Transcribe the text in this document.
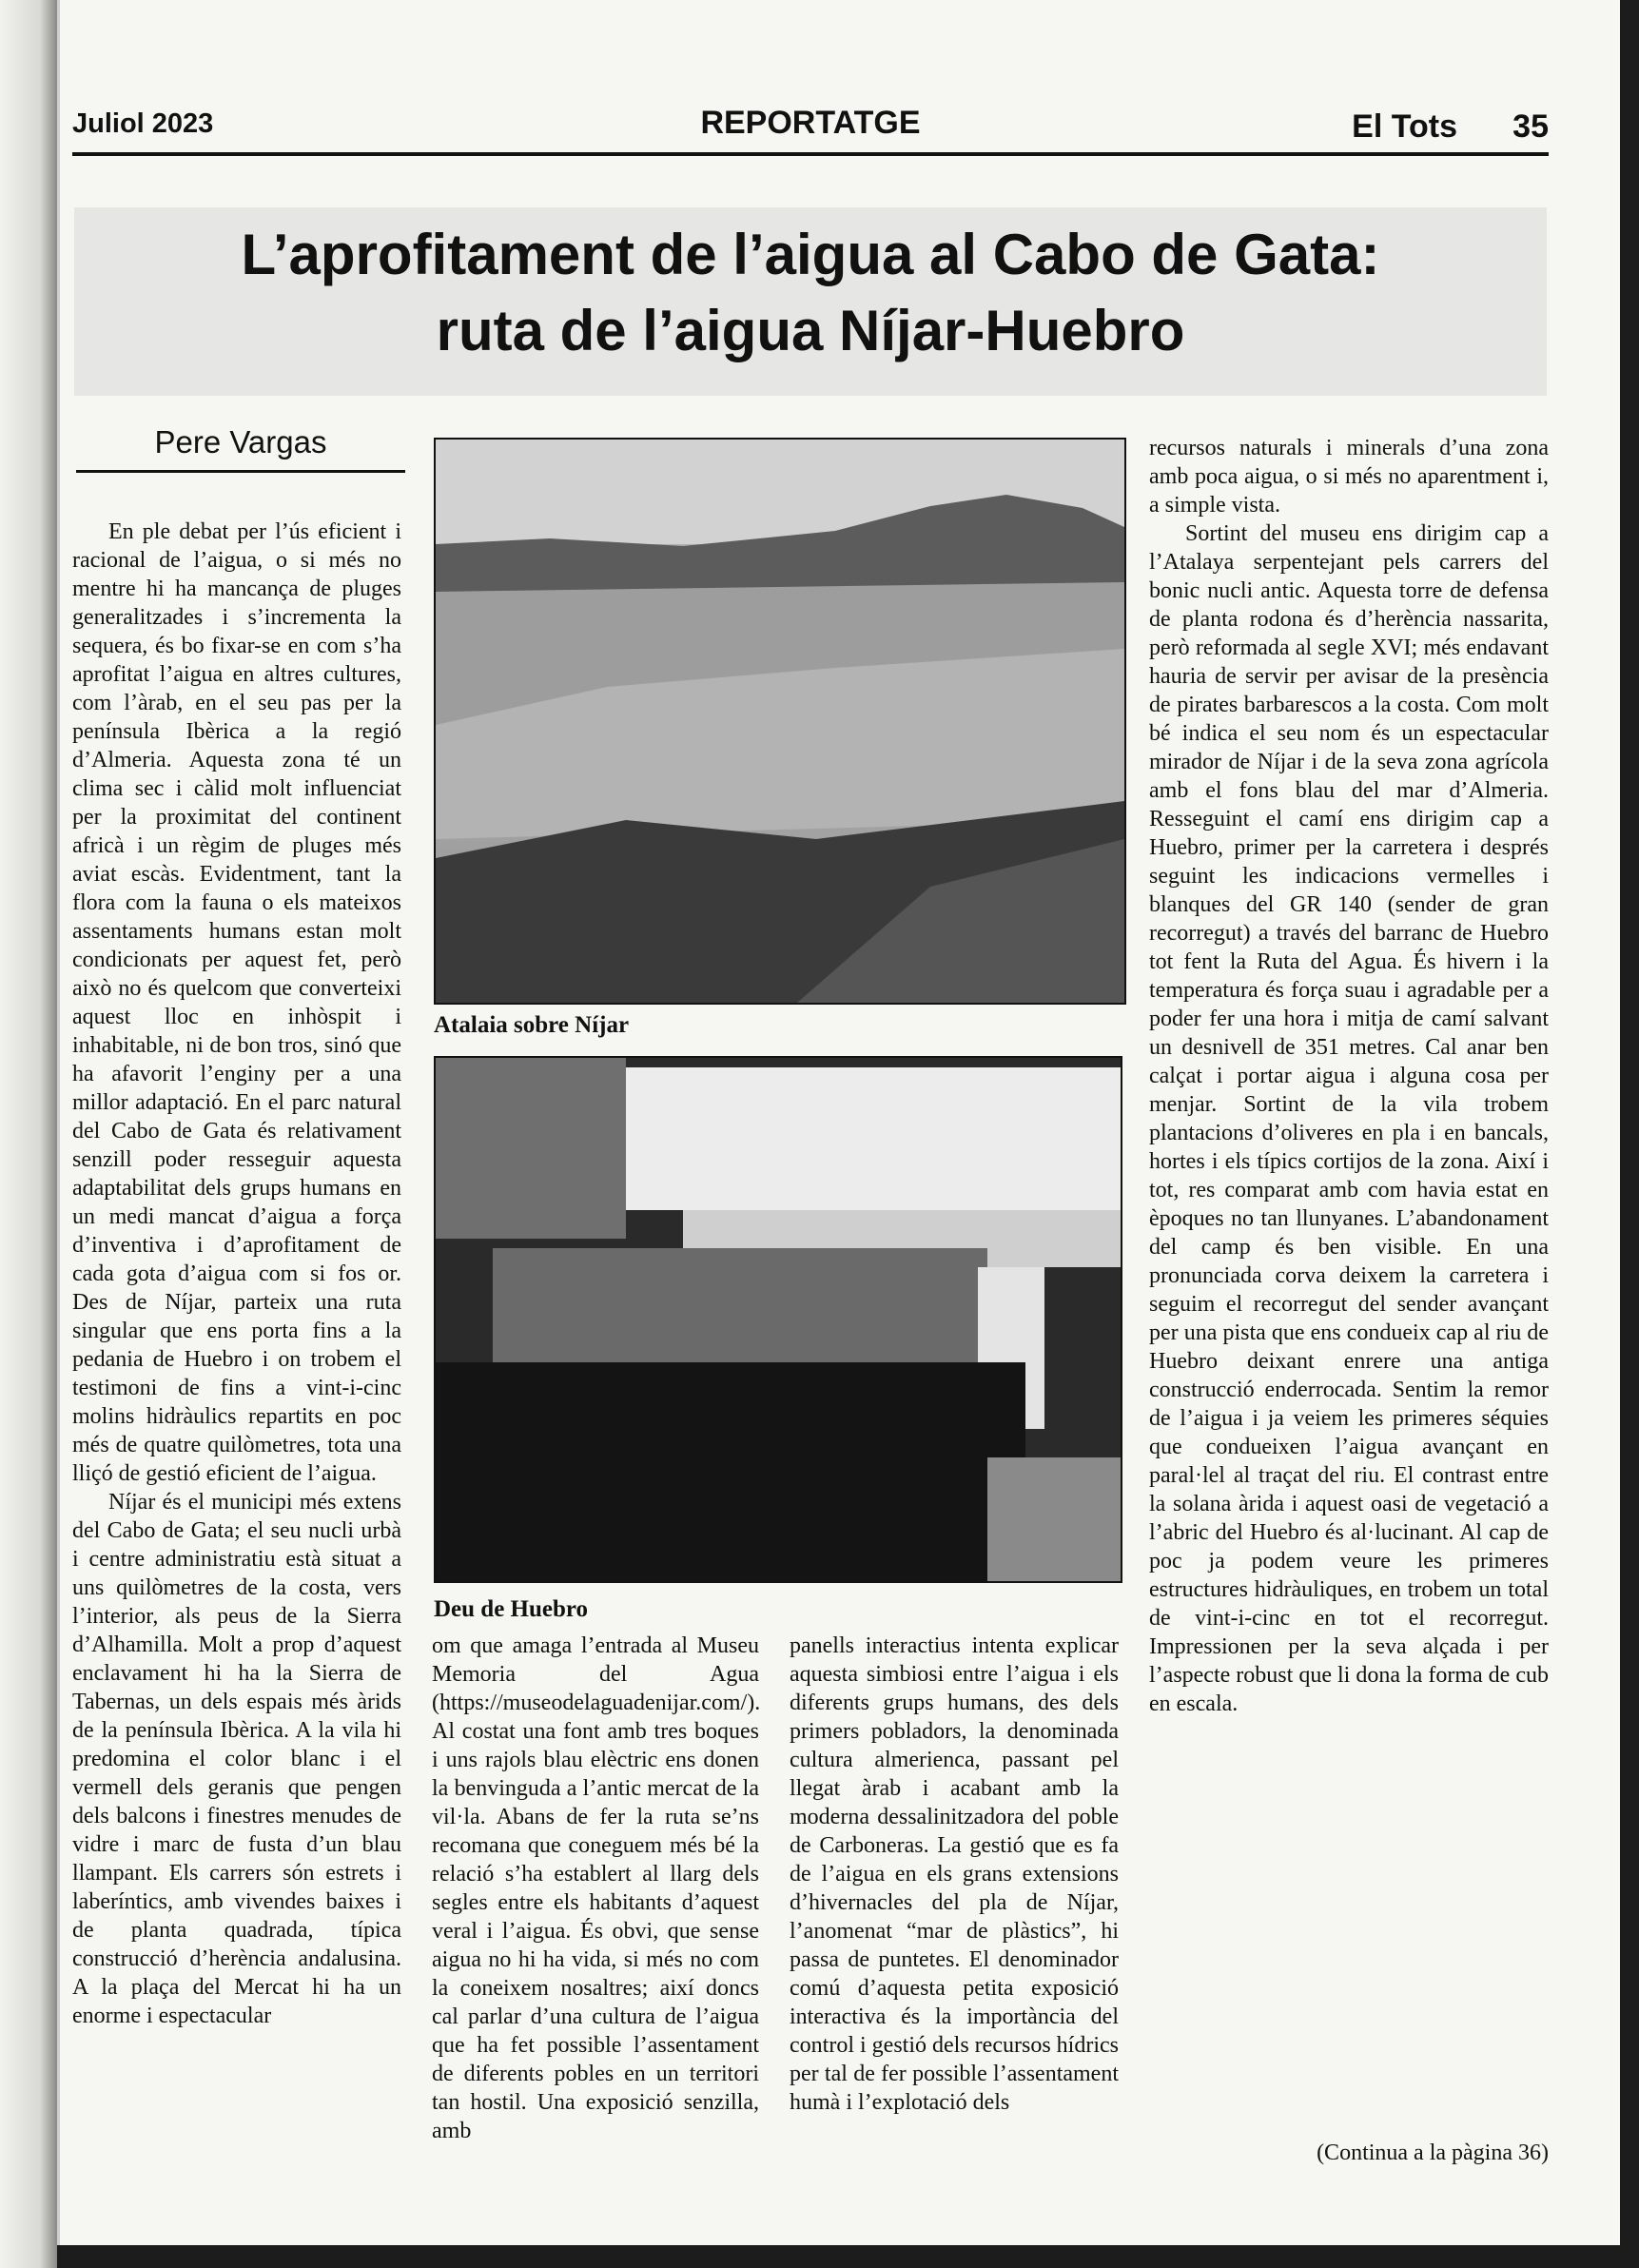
Juliol 2023	REPORTATGE	El Tots 35
L’aprofitament de l’aigua al Cabo de Gata:
ruta de l’aigua Níjar-Huebro
Pere Vargas

En ple debat per l’ús eficient i racional de l’aigua, o si més no mentre hi ha mancança de pluges generalitzades i s’incrementa la sequera, és bo fixar-se en com s’ha aprofitat l’aigua en altres cultures, com l’àrab, en el seu pas per la península Ibèrica a la regió d’Almeria. Aquesta zona té un clima sec i càlid molt influenciat per la proximitat del continent africà i un règim de pluges més aviat escàs. Evidentment, tant la flora com la fauna o els mateixos assentaments humans estan molt condicionats per aquest fet, però això no és quelcom que converteixi aquest lloc en inhòspit i inhabitable, ni de bon tros, sinó que ha afavorit l’enginy per a una millor adaptació. En el parc natural del Cabo de Gata és relativament senzill poder resseguir aquesta adaptabilitat dels grups humans en un medi mancat d’aigua a força d’inventiva i d’aprofitament de cada gota d’aigua com si fos or. Des de Níjar, parteix una ruta singular que ens porta fins a la pedania de Huebro i on trobem el testimoni de fins a vint-i-cinc molins hidràulics repartits en poc més de quatre quilòmetres, tota una lliçó de gestió eficient de l’aigua.

Níjar és el municipi més extens del Cabo de Gata; el seu nucli urbà i centre administratiu està situat a uns quilòmetres de la costa, vers l’interior, als peus de la Sierra d’Alhamilla. Molt a prop d’aquest enclavament hi ha la Sierra de Tabernas, un dels espais més àrids de la península Ibèrica. A la vila hi predomina el color blanc i el vermell dels geranis que pengen dels balcons i finestres menudes de vidre i marc de fusta d’un blau llampant. Els carrers són estrets i laberíntics, amb vivendes baixes i de planta quadrada, típica construcció d’herència andalusina. A la plaça del Mercat hi ha un enorme i espectacular

Atalaia sobre Níjar
Deu de Huebro

om que amaga l’entrada al Museu Memoria del Agua (https://museodelaguadenijar.com/). Al costat una font amb tres boques i uns rajols blau elèctric ens donen la benvinguda a l’antic mercat de la vil·la. Abans de fer la ruta se’ns recomana que coneguem més bé la relació s’ha establert al llarg dels segles entre els habitants d’aquest veral i l’aigua. És obvi, que sense aigua no hi ha vida, si més no com la coneixem nosaltres; així doncs cal parlar d’una cultura de l’aigua que ha fet possible l’assentament de diferents pobles en un territori tan hostil. Una exposició senzilla, amb

panells interactius intenta explicar aquesta simbiosi entre l’aigua i els diferents grups humans, des dels primers pobladors, la denominada cultura almerienca, passant pel llegat àrab i acabant amb la moderna dessalinitzadora del poble de Carboneras. La gestió que es fa de l’aigua en els grans extensions d’hivernacles del pla de Níjar, l’anomenat “mar de plàstics”, hi passa de puntetes. El denominador comú d’aquesta petita exposició interactiva és la importància del control i gestió dels recursos hídrics per tal de fer possible l’assentament humà i l’explotació dels

recursos naturals i minerals d’una zona amb poca aigua, o si més no aparentment i, a simple vista.

Sortint del museu ens dirigim cap a l’Atalaya serpentejant pels carrers del bonic nucli antic. Aquesta torre de defensa de planta rodona és d’herència nassarita, però reformada al segle XVI; més endavant hauria de servir per avisar de la presència de pirates barbarescos a la costa. Com molt bé indica el seu nom és un espectacular mirador de Níjar i de la seva zona agrícola amb el fons blau del mar d’Almeria. Resseguint el camí ens dirigim cap a Huebro, primer per la carretera i després seguint les indicacions vermelles i blanques del GR 140 (sender de gran recorregut) a través del barranc de Huebro tot fent la Ruta del Agua. És hivern i la temperatura és força suau i agradable per a poder fer una hora i mitja de camí salvant un desnivell de 351 metres. Cal anar ben calçat i portar aigua i alguna cosa per menjar. Sortint de la vila trobem plantacions d’oliveres en pla i en bancals, hortes i els típics cortijos de la zona. Així i tot, res comparat amb com havia estat en èpoques no tan llunyanes. L’abandonament del camp és ben visible. En una pronunciada corva deixem la carretera i seguim el recorregut del sender avançant per una pista que ens condueix cap al riu de Huebro deixant enrere una antiga construcció enderrocada. Sentim la remor de l’aigua i ja veiem les primeres séquies que condueixen l’aigua avançant en paral·lel al traçat del riu. El contrast entre la solana àrida i aquest oasi de vegetació a l’abric del Huebro és al·lucinant. Al cap de poc ja podem veure les primeres estructures hidràuliques, en trobem un total de vint-i-cinc en tot el recorregut. Impressionen per la seva alçada i per l’aspecte robust que li dona la forma de cub en escala.

(Continua a la pàgina 36)
